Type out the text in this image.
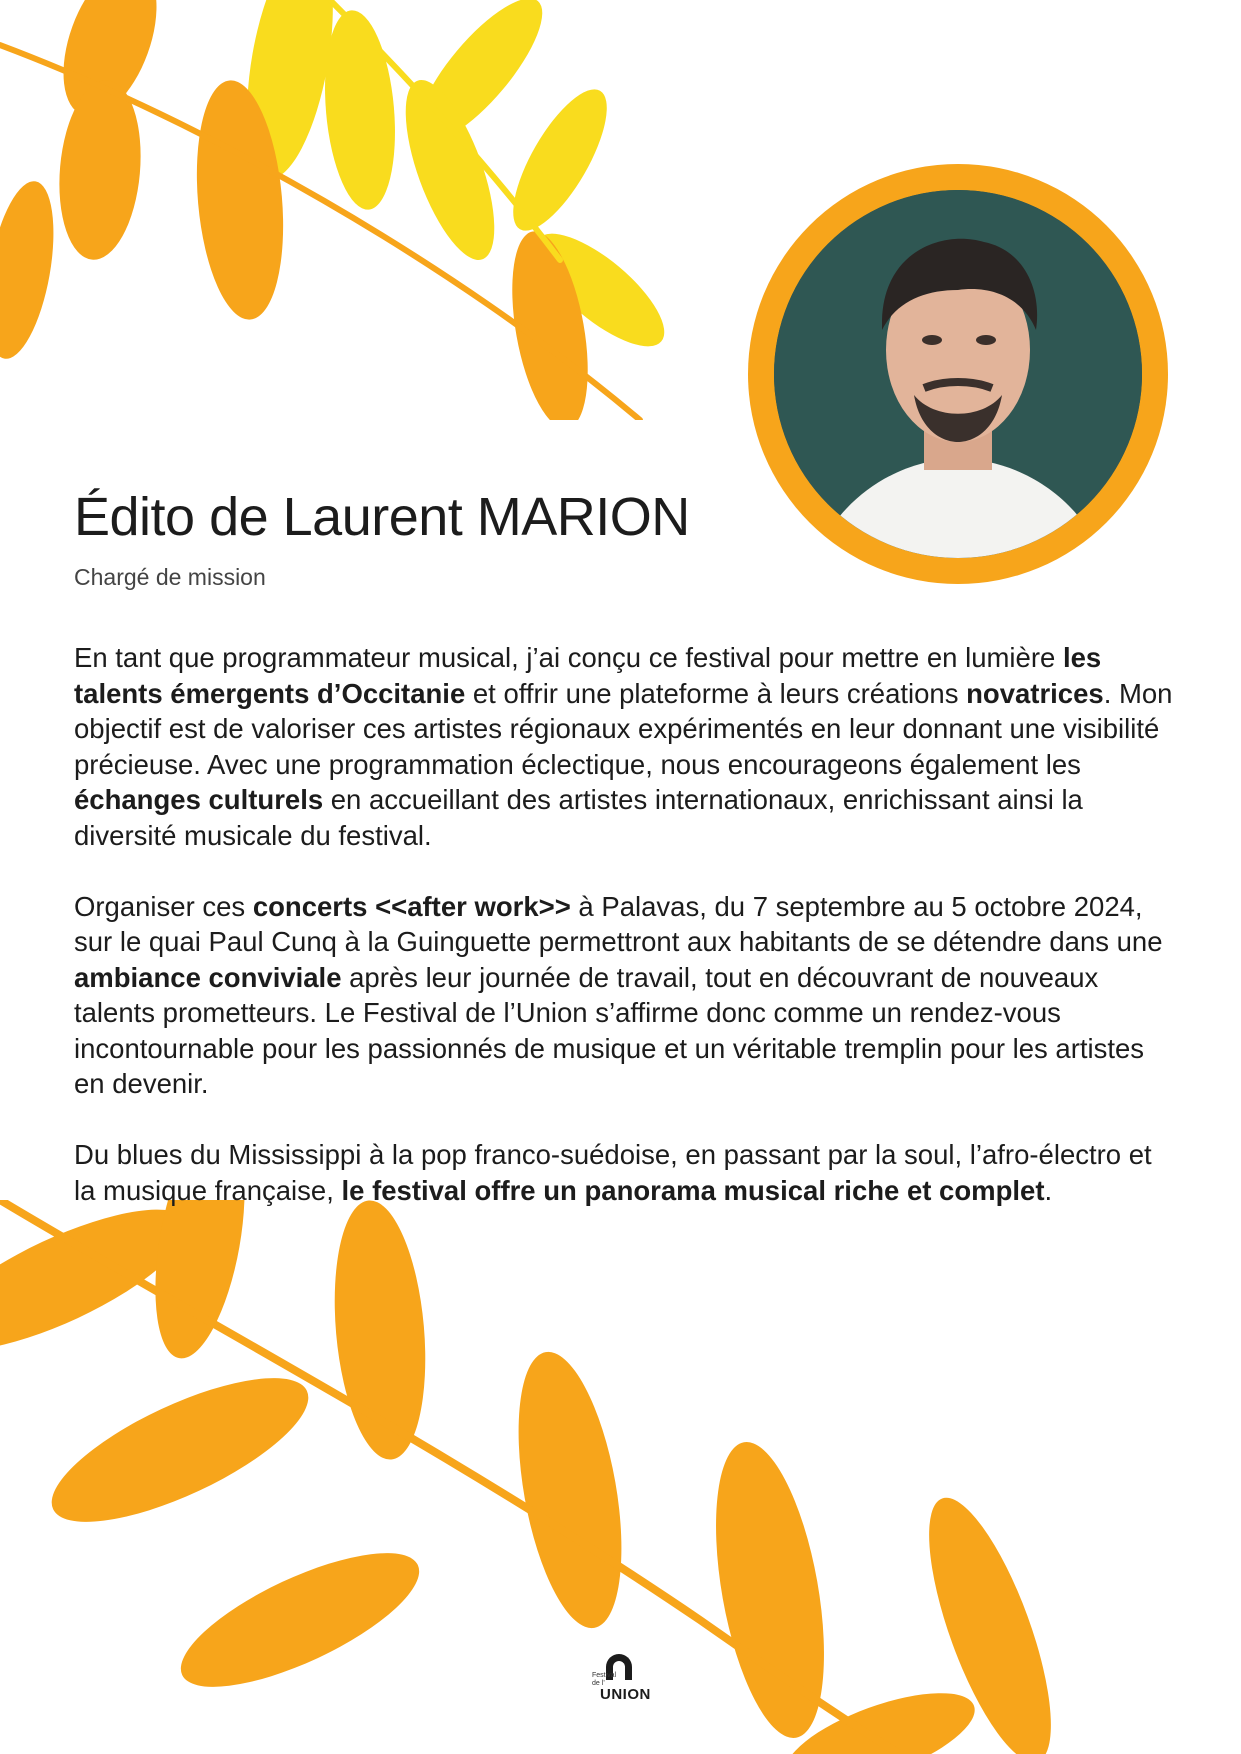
Édito de Laurent MARION
Chargé de mission

En tant que programmateur musical, j’ai conçu ce festival pour mettre en lumière les talents émergents d’Occitanie et offrir une plateforme à leurs créations novatrices. Mon objectif est de valoriser ces artistes régionaux expérimentés en leur donnant une visibilité précieuse. Avec une programmation éclectique, nous encourageons également les échanges culturels en accueillant des artistes internationaux, enrichissant ainsi la diversité musicale du festival.

Organiser ces concerts <<after work>> à Palavas, du 7 septembre au 5 octobre 2024, sur le quai Paul Cunq à la Guinguette permettront aux habitants de se détendre dans une ambiance conviviale après leur journée de travail, tout en découvrant de nouveaux talents prometteurs. Le Festival de l’Union s’affirme donc comme un rendez-vous incontournable pour les passionnés de musique et un véritable tremplin pour les artistes en devenir.

Du blues du Mississippi à la pop franco-suédoise, en passant par la soul, l’afro-électro et la musique française, le festival offre un panorama musical riche et complet.

Festival de l’
UNION
